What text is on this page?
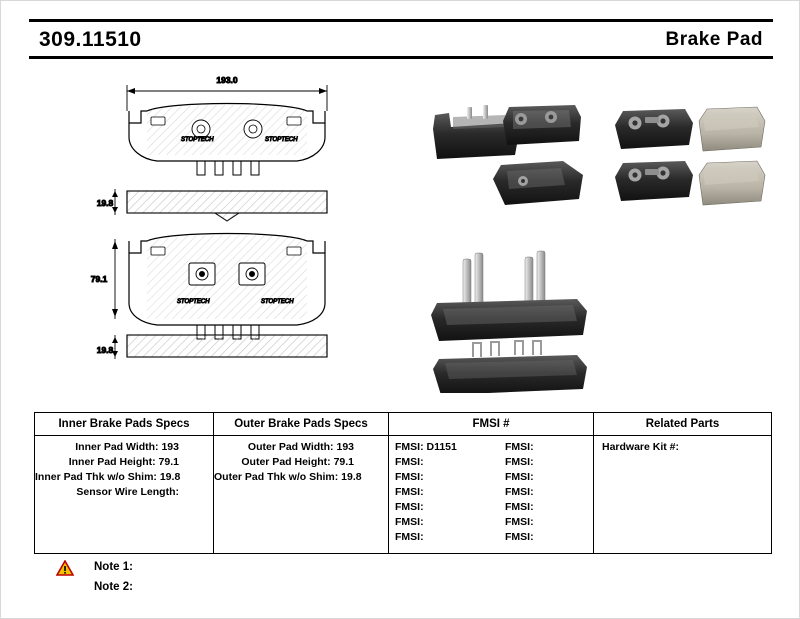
309.11510	Brake Pad
193.0
STOPTECH	STOPTECH
19.8
79.1
STOPTECH	STOPTECH
19.8
Inner Brake Pads Specs	Outer Brake Pads Specs	FMSI #	Related Parts

Inner Pad Width: 193
Inner Pad Height: 79.1
Inner Pad Thk w/o Shim: 19.8
Sensor Wire Length:

Outer Pad Width: 193
Outer Pad Height: 79.1
Outer Pad Thk w/o Shim: 19.8

FMSI: D1151	FMSI:
FMSI:	FMSI:
FMSI:	FMSI:
FMSI:	FMSI:
FMSI:	FMSI:
FMSI:	FMSI:
FMSI:	FMSI:

Hardware Kit #:
Note 1:
Note 2:
